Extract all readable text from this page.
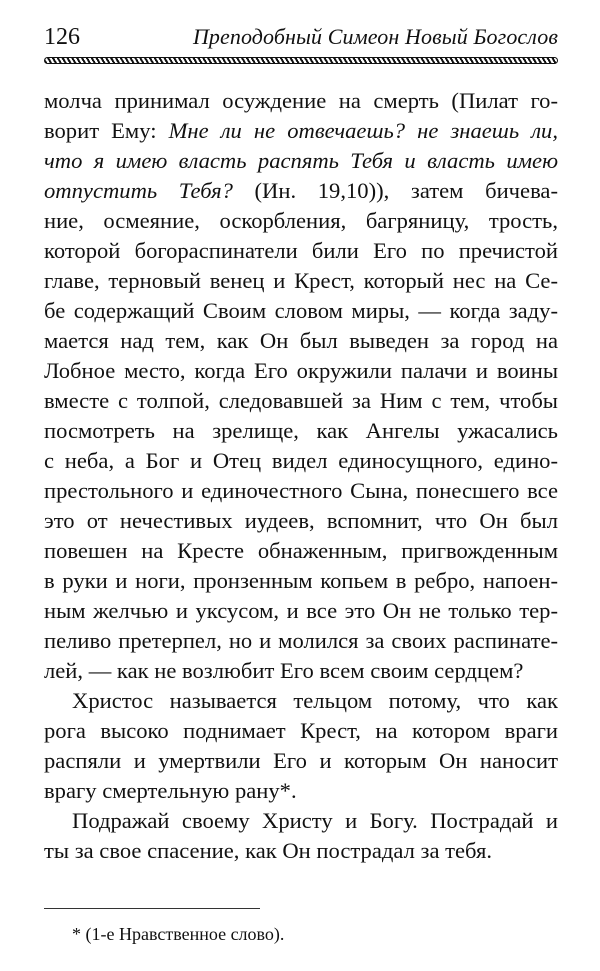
126	Преподобный Симеон Новый Богослов
молча принимал осуждение на смерть (Пилат го-
ворит Ему: Мне ли не отвечаешь? не знаешь ли,
что я имею власть распять Тебя и власть имею
отпустить Тебя? (Ин. 19,10)), затем бичева-
ние, осмеяние, оскорбления, багряницу, трость,
которой богораспинатели били Его по пречистой
главе, терновый венец и Крест, который нес на Се-
бе содержащий Своим словом миры, — когда заду-
мается над тем, как Он был выведен за город на
Лобное место, когда Его окружили палачи и воины
вместе с толпой, следовавшей за Ним с тем, чтобы
посмотреть на зрелище, как Ангелы ужасались
с неба, а Бог и Отец видел единосущного, едино-
престольного и единочестного Сына, понесшего все
это от нечестивых иудеев, вспомнит, что Он был
повешен на Кресте обнаженным, пригвожденным
в руки и ноги, пронзенным копьем в ребро, напоен-
ным желчью и уксусом, и все это Он не только тер-
пеливо претерпел, но и молился за своих распинате-
лей, — как не возлюбит Его всем своим сердцем?
Христос называется тельцом потому, что как
рога высоко поднимает Крест, на котором враги
распяли и умертвили Его и которым Он наносит
врагу смертельную рану*.
Подражай своему Христу и Богу. Пострадай и
ты за свое спасение, как Он пострадал за тебя.
* (1-е Нравственное слово).
